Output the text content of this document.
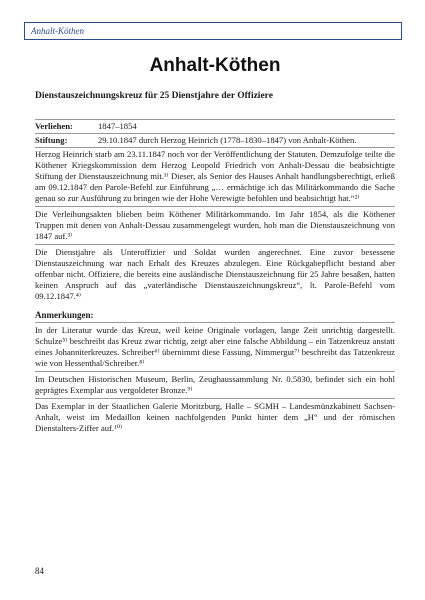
Anhalt-Köthen
Anhalt-Köthen
Dienstauszeichnungskreuz für 25 Dienstjahre der Offiziere
Verliehen:	1847–1854
Stiftung:	29.10.1847 durch Herzog Heinrich (1778–1830–1847) von Anhalt-Köthen.

Herzog Heinrich starb am 23.11.1847 noch vor der Veröffentlichung der Statuten. Demzufolge teilte die Köthener Kriegskommission dem Herzog Leopold Friedrich von Anhalt-Dessau die beabsichtigte Stiftung der Dienstauszeichnung mit.¹⁾ Dieser, als Senior des Hauses Anhalt handlungsberechtigt, erließ am 09.12.1847 den Parole-Befehl zur Einführung „… ermächtige ich das Militärkommando die Sache genau so zur Ausführung zu bringen wie der Hohe Verewigte befohlen und beabsichtigt hat.“²⁾

Die Verleihungsakten blieben beim Köthener Militärkommando. Im Jahr 1854, als die Köthener Truppen mit denen von Anhalt-Dessau zusammengelegt wurden, hob man die Dienstauszeichnung von 1847 auf.³⁾

Die Dienstjahre als Unteroffizier und Soldat wurden angerechnet. Eine zuvor besessene Dienstauszeichnung war nach Erhalt des Kreuzes abzulegen. Eine Rückgabepflicht bestand aber offenbar nicht. Offiziere, die bereits eine ausländische Dienstauszeichnung für 25 Jahre besaßen, hatten keinen Anspruch auf das „vaterländische Dienstauszeichnungskreuz“, lt. Parole-Befehl vom 09.12.1847.⁴⁾

Anmerkungen:

In der Literatur wurde das Kreuz, weil keine Originale vorlagen, lange Zeit unrichtig dargestellt. Schulze⁵⁾ beschreibt das Kreuz zwar richtig, zeigt aber eine falsche Abbildung – ein Tatzenkreuz anstatt eines Johanniterkreuzes. Schreiber⁶⁾ übernimmt diese Fassung, Nimmergut⁷⁾ beschreibt das Tatzenkreuz wie von Hessenthal/Schreiber.⁸⁾

Im Deutschen Historischen Museum, Berlin, Zeughaussammlung Nr. 0.5830, befindet sich ein hohl geprägtes Exemplar aus vergoldeter Bronze.⁹⁾

Das Exemplar in der Staatlichen Galerie Moritzburg, Halle – SGMH – Landesmünzkabinett Sachsen-Anhalt, weist im Medaillon keinen nachfolgenden Punkt hinter dem „H“ und der römischen Dienstalters-Ziffer auf.¹⁰⁾

84
